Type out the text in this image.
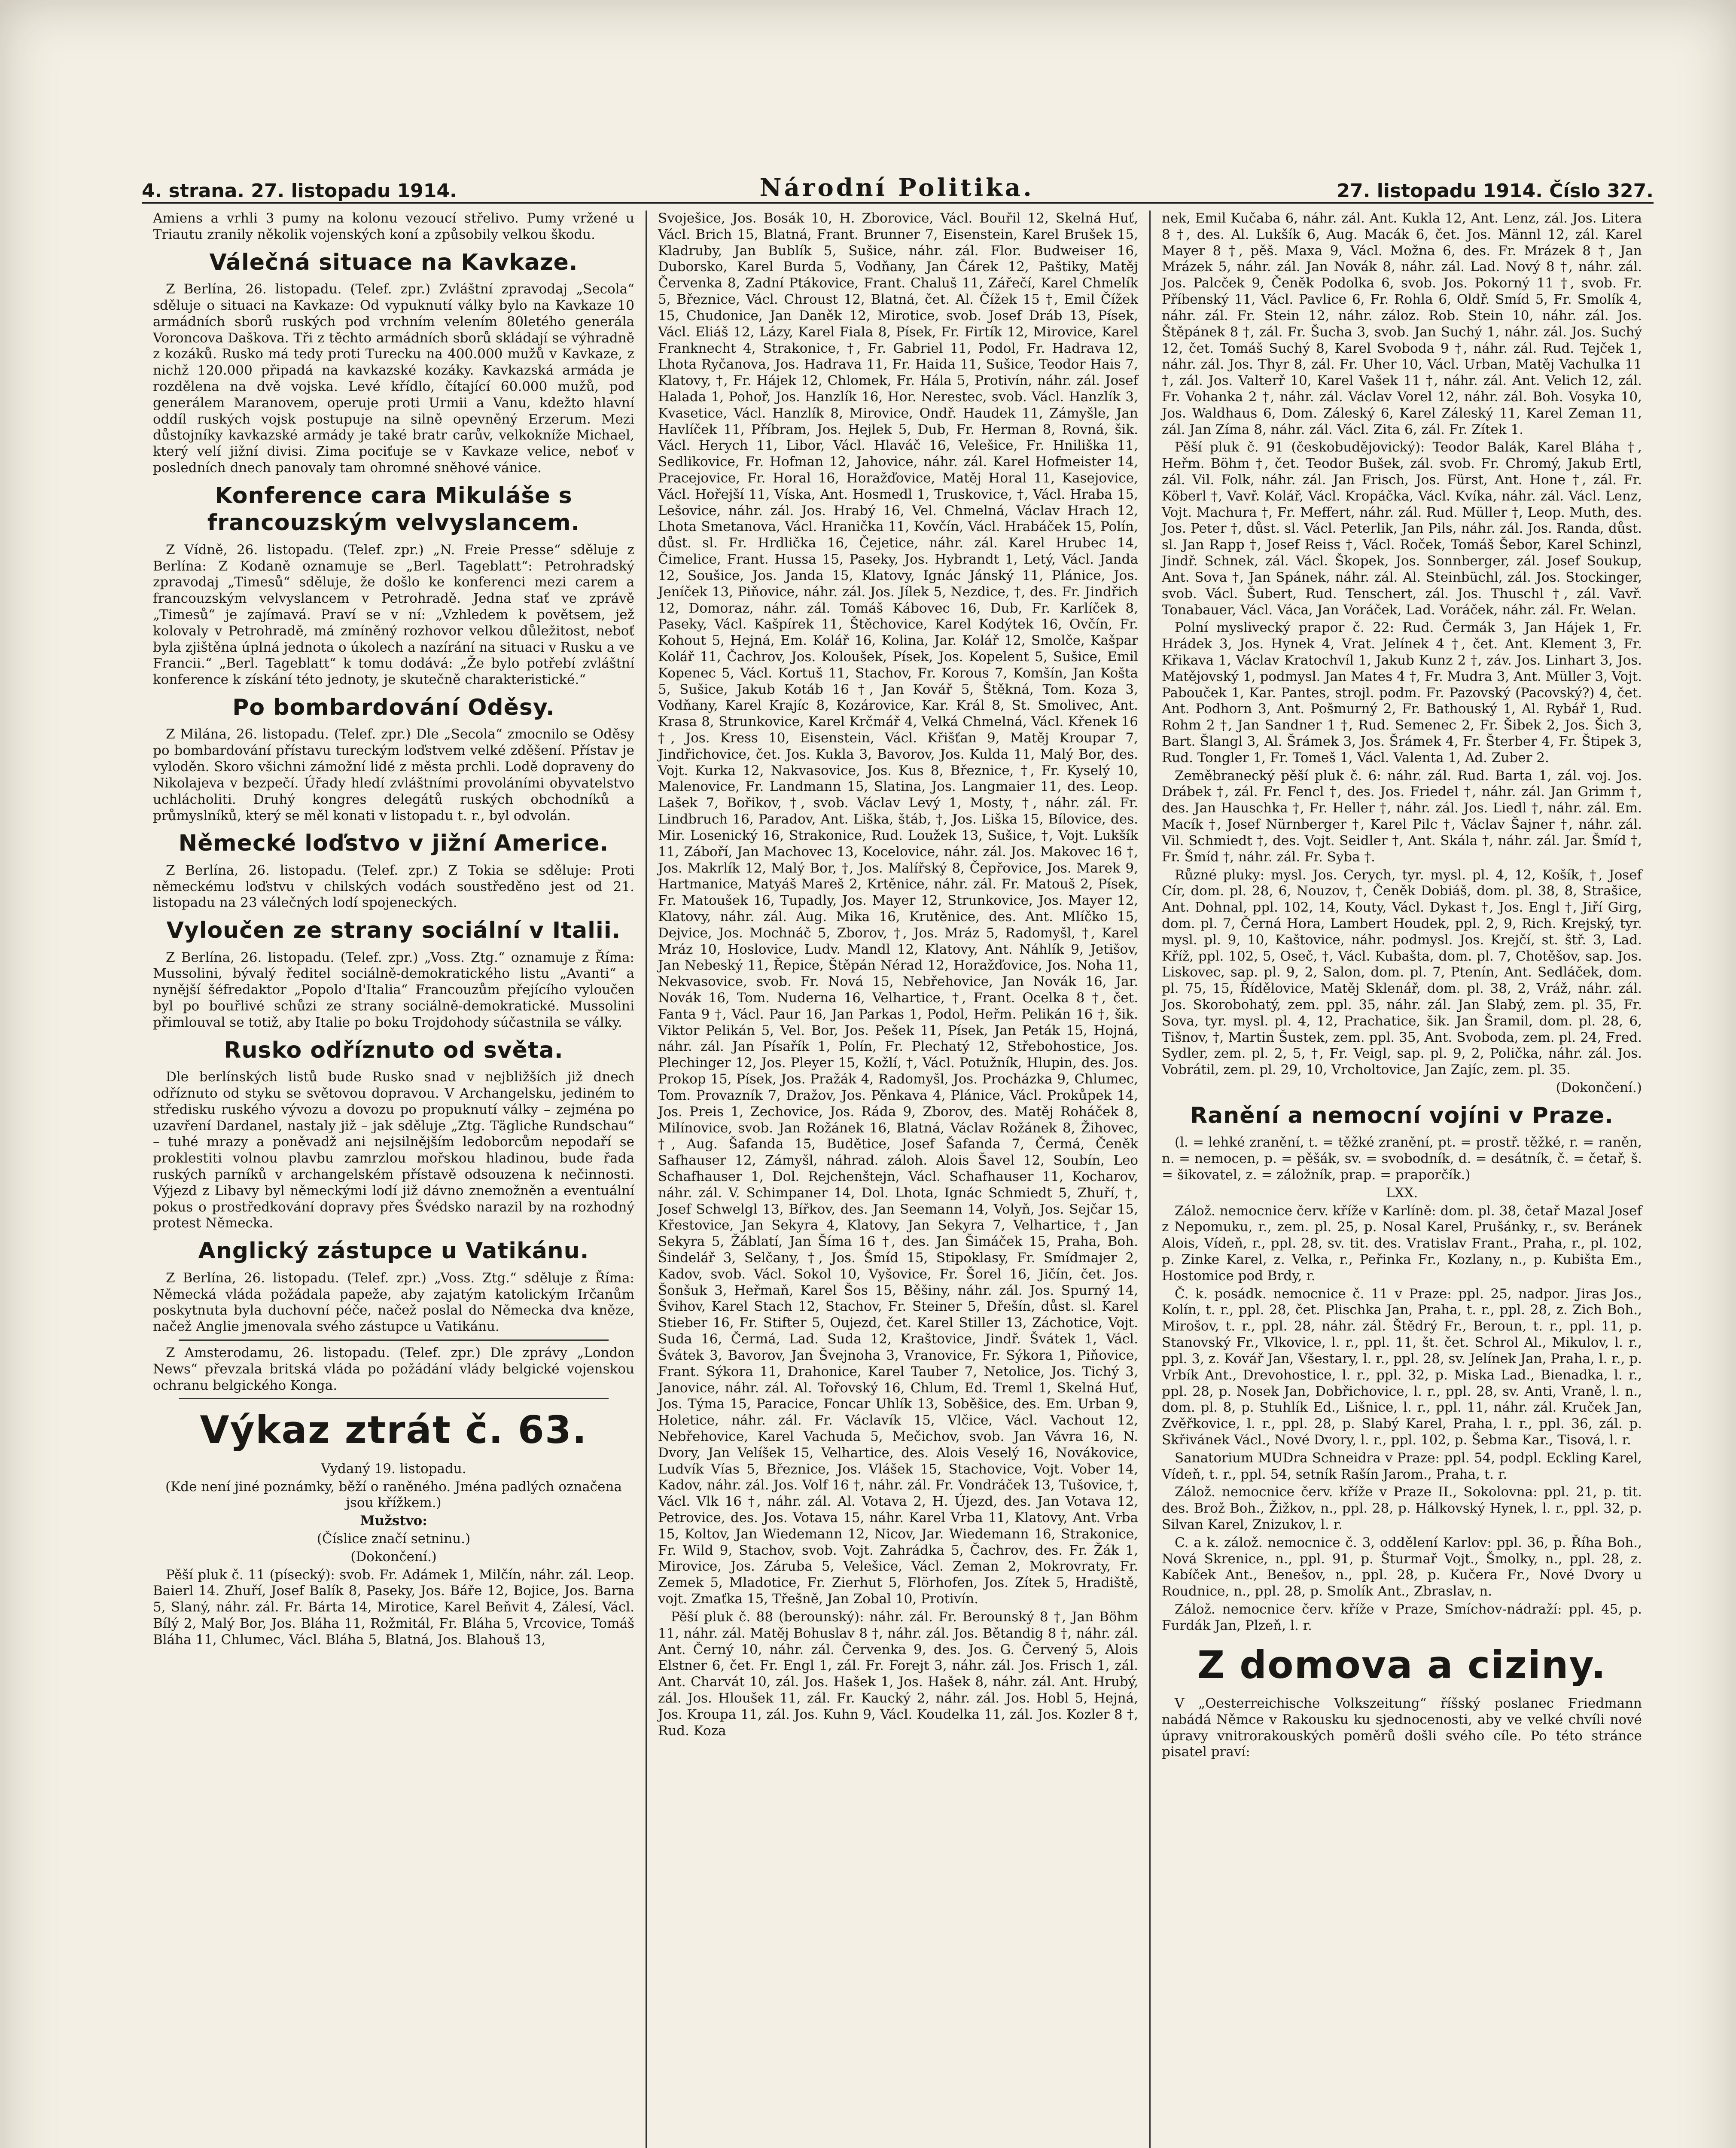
4. strana. 27. listopadu 1914.	Národní Politika.	27. listopadu 1914. Číslo 327.

Amiens a vrhli 3 pumy na kolonu vezoucí střelivo. Pumy vržené u Triautu zranily několik vojenských koní a způsobily velkou škodu.

Válečná situace na Kavkaze.

Z Berlína, 26. listopadu. (Telef. zpr.) Zvláštní zpravodaj „Secola“ sděluje o situaci na Kavkaze: Od vypuknutí války bylo na Kavkaze 10 armádních sborů ruských pod vrchním velením 80letého generála Voroncova Daškova. Tři z těchto armádních sborů skládají se výhradně z kozáků. Rusko má tedy proti Turecku na 400.000 mužů v Kavkaze, z nichž 120.000 připadá na kavkazské kozáky. Kavkazská armáda je rozdělena na dvě vojska. Levé křídlo, čítající 60.000 mužů, pod generálem Maranovem, operuje proti Urmii a Vanu, kdežto hlavní oddíl ruských vojsk postupuje na silně opevněný Erzerum. Mezi důstojníky kavkazské armády je také bratr carův, velkokníže Michael, který velí jižní divisi. Zima pociťuje se v Kavkaze velice, neboť v posledních dnech panovaly tam ohromné sněhové vánice.

Konference cara Mikuláše s francouzským velvyslancem.

Z Vídně, 26. listopadu. (Telef. zpr.) „N. Freie Presse“ sděluje z Berlína: Z Kodaně oznamuje se „Berl. Tageblatt“: Petrohradský zpravodaj „Timesů“ sděluje, že došlo ke konferenci mezi carem a francouzským velvyslancem v Petrohradě. Jedna stať ve zprávě „Timesů“ je zajímavá. Praví se v ní: „Vzhledem k povětsem, jež kolovaly v Petrohradě, má zmíněný rozhovor velkou důležitost, neboť byla zjištěna úplná jednota o úkolech a nazírání na situaci v Rusku a ve Francii.“ „Berl. Tageblatt“ k tomu dodává: „Že bylo potřebí zvláštní konference k získání této jednoty, je skutečně charakteristické.“

Po bombardování Oděsy.

Z Milána, 26. listopadu. (Telef. zpr.) Dle „Secola“ zmocnilo se Oděsy po bombardování přístavu tureckým loďstvem velké zděšení. Přístav je vyloděn. Skoro všichni zámožní lidé z města prchli. Lodě dopraveny do Nikolajeva v bezpečí. Úřady hledí zvláštními provoláními obyvatelstvo uchlácholiti. Druhý kongres delegátů ruských obchodníků a průmyslníků, který se měl konati v listopadu t. r., byl odvolán.

Německé loďstvo v jižní Americe.

Z Berlína, 26. listopadu. (Telef. zpr.) Z Tokia se sděluje: Proti německému loďstvu v chilských vodách soustředěno jest od 21. listopadu na 23 válečných lodí spojeneckých.

Vyloučen ze strany sociální v Italii.

Z Berlína, 26. listopadu. (Telef. zpr.) „Voss. Ztg.“ oznamuje z Říma: Mussolini, bývalý ředitel sociálně-demokratického listu „Avanti“ a nynější šéfredaktor „Popolo d'Italia“ Francouzům přejícího vyloučen byl po bouřlivé schůzi ze strany sociálně-demokratické. Mussolini přimlouval se totiž, aby Italie po boku Trojdohody súčastnila se války.

Rusko odříznuto od světa.

Dle berlínských listů bude Rusko snad v nejbližších již dnech odříznuto od styku se světovou dopravou. V Archangelsku, jediném to středisku ruského vývozu a dovozu po propuknutí války – zejména po uzavření Dardanel, nastaly již – jak sděluje „Ztg. Tägliche Rundschau“ – tuhé mrazy a poněvadž ani nejsilnějším ledoborcům nepodaří se proklestiti volnou plavbu zamrzlou mořskou hladinou, bude řada ruských parníků v archangelském přístavě odsouzena k nečinnosti. Výjezd z Libavy byl německými lodí již dávno znemožněn a eventuální pokus o prostředkování dopravy přes Švédsko narazil by na rozhodný protest Německa.

Anglický zástupce u Vatikánu.

Z Berlína, 26. listopadu. (Telef. zpr.) „Voss. Ztg.“ sděluje z Říma: Německá vláda požádala papeže, aby zajatým katolickým Irčanům poskytnuta byla duchovní péče, načež poslal do Německa dva kněze, načež Anglie jmenovala svého zástupce u Vatikánu.

Z Amsterodamu, 26. listopadu. (Telef. zpr.) Dle zprávy „London News“ převzala britská vláda po požádání vlády belgické vojenskou ochranu belgického Konga.

Výkaz ztrát č. 63.

Vydaný 19. listopadu.

(Kde není jiné poznámky, běží o raněného. Jména padlých označena jsou křížkem.)

Mužstvo:

(Číslice značí setninu.)

(Dokončení.)

Pěší pluk č. 11 (písecký): svob. Fr. Adámek 1, Milčín, náhr. zál. Leop. Baierl 14. Zhuří, Josef Balík 8, Paseky, Jos. Báře 12, Bojice, Jos. Barna 5, Slaný, náhr. zál. Fr. Bárta 14, Mirotice, Karel Beňvit 4, Zálesí, Václ. Bílý 2, Malý Bor, Jos. Bláha 11, Rožmitál, Fr. Bláha 5, Vrcovice, Tomáš Bláha 11, Chlumec, Václ. Bláha 5, Blatná, Jos. Blahouš 13,

Svoješice, Jos. Bosák 10, H. Zborovice, Václ. Bouřil 12, Skelná Huť, Václ. Brich 15, Blatná, Frant. Brunner 7, Eisenstein, Karel Brušek 15, Kladruby, Jan Bublík 5, Sušice, náhr. zál. Flor. Budweiser 16, Duborsko, Karel Burda 5, Vodňany, Jan Čárek 12, Paštiky, Matěj Červenka 8, Zadní Ptákovice, Frant. Chaluš 11, Zářečí, Karel Chmelík 5, Březnice, Václ. Chroust 12, Blatná, čet. Al. Čížek 15 †, Emil Čížek 15, Chudonice, Jan Daněk 12, Mirotice, svob. Josef Dráb 13, Písek, Václ. Eliáš 12, Lázy, Karel Fiala 8, Písek, Fr. Firtík 12, Mirovice, Karel Franknecht 4, Strakonice, †, Fr. Gabriel 11, Podol, Fr. Hadrava 12, Lhota Ryčanova, Jos. Hadrava 11, Fr. Haida 11, Sušice, Teodor Hais 7, Klatovy, †, Fr. Hájek 12, Chlomek, Fr. Hála 5, Protivín, náhr. zál. Josef Halada 1, Pohoř, Jos. Hanzlík 16, Hor. Nerestec, svob. Václ. Hanzlík 3, Kvasetice, Václ. Hanzlík 8, Mirovice, Ondř. Haudek 11, Zámyšle, Jan Havlíček 11, Příbram, Jos. Hejlek 5, Dub, Fr. Herman 8, Rovná, šik. Václ. Herych 11, Libor, Václ. Hlaváč 16, Velešice, Fr. Hniliška 11, Sedlikovice, Fr. Hofman 12, Jahovice, náhr. zál. Karel Hofmeister 14, Pracejovice, Fr. Horal 16, Horažďovice, Matěj Horal 11, Kasejovice, Václ. Hořejší 11, Víska, Ant. Hosmedl 1, Truskovice, †, Václ. Hraba 15, Lešovice, náhr. zál. Jos. Hrabý 16, Vel. Chmelná, Václav Hrach 12, Lhota Smetanova, Václ. Hranička 11, Kovčín, Václ. Hrabáček 15, Polín, důst. sl. Fr. Hrdlička 16, Čejetice, náhr. zál. Karel Hrubec 14, Čimelice, Frant. Hussa 15, Paseky, Jos. Hybrandt 1, Letý, Václ. Janda 12, Soušice, Jos. Janda 15, Klatovy, Ignác Jánský 11, Plánice, Jos. Jeníček 13, Piňovice, náhr. zál. Jos. Jílek 5, Nezdice, †, des. Fr. Jindřich 12, Domoraz, náhr. zál. Tomáš Kábovec 16, Dub, Fr. Karlíček 8, Paseky, Václ. Kašpírek 11, Štěchovice, Karel Kodýtek 16, Ovčín, Fr. Kohout 5, Hejná, Em. Kolář 16, Kolina, Jar. Kolář 12, Smolče, Kašpar Kolář 11, Čachrov, Jos. Koloušek, Písek, Jos. Kopelent 5, Sušice, Emil Kopenec 5, Václ. Kortuš 11, Stachov, Fr. Korous 7, Komšín, Jan Košta 5, Sušice, Jakub Kotáb 16 †, Jan Kovář 5, Štěkná, Tom. Koza 3, Vodňany, Karel Krajíc 8, Kozárovice, Kar. Král 8, St. Smolivec, Ant. Krasa 8, Strunkovice, Karel Krčmář 4, Velká Chmelná, Václ. Křenek 16 †, Jos. Kress 10, Eisenstein, Václ. Křišťan 9, Matěj Kroupar 7, Jindřichovice, čet. Jos. Kukla 3, Bavorov, Jos. Kulda 11, Malý Bor, des. Vojt. Kurka 12, Nakvasovice, Jos. Kus 8, Březnice, †, Fr. Kyselý 10, Malenovice, Fr. Landmann 15, Slatina, Jos. Langmaier 11, des. Leop. Lašek 7, Bořikov, †, svob. Václav Levý 1, Mosty, †, náhr. zál. Fr. Lindbruch 16, Paradov, Ant. Liška, štáb, †, Jos. Liška 15, Bílovice, des. Mir. Losenický 16, Strakonice, Rud. Loužek 13, Sušice, †, Vojt. Lukšík 11, Záboří, Jan Machovec 13, Kocelovice, náhr. zál. Jos. Makovec 16 †, Jos. Makrlík 12, Malý Bor, †, Jos. Malířský 8, Čepřovice, Jos. Marek 9, Hartmanice, Matyáš Mareš 2, Krtěnice, náhr. zál. Fr. Matouš 2, Písek, Fr. Matoušek 16, Tupadly, Jos. Mayer 12, Strunkovice, Jos. Mayer 12, Klatovy, náhr. zál. Aug. Mika 16, Krutěnice, des. Ant. Mlíčko 15, Dejvice, Jos. Mochnáč 5, Zborov, †, Jos. Mráz 5, Radomyšl, †, Karel Mráz 10, Hoslovice, Ludv. Mandl 12, Klatovy, Ant. Náhlík 9, Jetišov, Jan Nebeský 11, Řepice, Štěpán Nérad 12, Horažďovice, Jos. Noha 11, Nekvasovice, svob. Fr. Nová 15, Nebřehovice, Jan Novák 16, Jar. Novák 16, Tom. Nuderna 16, Velhartice, †, Frant. Ocelka 8 †, čet. Fanta 9 †, Václ. Paur 16, Jan Parkas 1, Podol, Heřm. Pelikán 16 †, šik. Viktor Pelikán 5, Vel. Bor, Jos. Pešek 11, Písek, Jan Peták 15, Hojná, náhr. zál. Jan Písařík 1, Polín, Fr. Plechatý 12, Střebohostice, Jos. Plechinger 12, Jos. Pleyer 15, Kožlí, †, Václ. Potužník, Hlupin, des. Jos. Prokop 15, Písek, Jos. Pražák 4, Radomyšl, Jos. Procházka 9, Chlumec, Tom. Provazník 7, Dražov, Jos. Pěnkava 4, Plánice, Václ. Prokůpek 14, Jos. Preis 1, Zechovice, Jos. Ráda 9, Zborov, des. Matěj Roháček 8, Milínovice, svob. Jan Rožánek 16, Blatná, Václav Rožánek 8, Žihovec, †, Aug. Šafanda 15, Budětice, Josef Šafanda 7, Čermá, Čeněk Safhauser 12, Zámyšl, náhrad. záloh. Alois Šavel 12, Soubín, Leo Schafhauser 1, Dol. Rejchenštejn, Václ. Schafhauser 11, Kocharov, náhr. zál. V. Schimpaner 14, Dol. Lhota, Ignác Schmiedt 5, Zhuří, †, Josef Schwelgl 13, Bířkov, des. Jan Seemann 14, Volyň, Jos. Sejčar 15, Křestovice, Jan Sekyra 4, Klatovy, Jan Sekyra 7, Velhartice, †, Jan Sekyra 5, Žáblatí, Jan Šíma 16 †, des. Jan Šimáček 15, Praha, Boh. Šindelář 3, Selčany, †, Jos. Šmíd 15, Stipoklasy, Fr. Smídmajer 2, Kadov, svob. Václ. Sokol 10, Vyšovice, Fr. Šorel 16, Jičín, čet. Jos. Šonšuk 3, Heřmaň, Karel Šos 15, Běšiny, náhr. zál. Jos. Spurný 14, Švihov, Karel Stach 12, Stachov, Fr. Steiner 5, Dřešín, důst. sl. Karel Stieber 16, Fr. Stifter 5, Oujezd, čet. Karel Stiller 13, Záchotice, Vojt. Suda 16, Čermá, Lad. Suda 12, Kraštovice, Jindř. Švátek 1, Václ. Švátek 3, Bavorov, Jan Švejnoha 3, Vranovice, Fr. Sýkora 1, Piňovice, Frant. Sýkora 11, Drahonice, Karel Tauber 7, Netolice, Jos. Tichý 3, Janovice, náhr. zál. Al. Tořovský 16, Chlum, Ed. Treml 1, Skelná Huť, Jos. Týma 15, Paracice, Foncar Uhlík 13, Soběšice, des. Em. Urban 9, Holetice, náhr. zál. Fr. Václavík 15, Vlčice, Václ. Vachout 12, Nebřehovice, Karel Vachuda 5, Mečichov, svob. Jan Vávra 16, N. Dvory, Jan Velíšek 15, Velhartice, des. Alois Veselý 16, Novákovice, Ludvík Vías 5, Březnice, Jos. Vlášek 15, Stachovice, Vojt. Vober 14, Kadov, náhr. zál. Jos. Volf 16 †, náhr. zál. Fr. Vondráček 13, Tušovice, †, Václ. Vlk 16 †, náhr. zál. Al. Votava 2, H. Újezd, des. Jan Votava 12, Petrovice, des. Jos. Votava 15, náhr. Karel Vrba 11, Klatovy, Ant. Vrba 15, Koltov, Jan Wiedemann 12, Nicov, Jar. Wiedemann 16, Strakonice, Fr. Wild 9, Stachov, svob. Vojt. Zahrádka 5, Čachrov, des. Fr. Žák 1, Mirovice, Jos. Záruba 5, Velešice, Václ. Zeman 2, Mokrovraty, Fr. Zemek 5, Mladotice, Fr. Zierhut 5, Flörhofen, Jos. Zítek 5, Hradiště, vojt. Zmaťka 15, Třešně, Jan Zobal 10, Protivín.

Pěší pluk č. 88 (berounský): náhr. zál. Fr. Berounský 8 †, Jan Böhm 11, náhr. zál. Matěj Bohuslav 8 †, náhr. zál. Jos. Bětandig 8 †, náhr. zál. Ant. Černý 10, náhr. zál. Červenka 9, des. Jos. G. Červený 5, Alois Elstner 6, čet. Fr. Engl 1, zál. Fr. Forejt 3, náhr. zál. Jos. Frisch 1, zál. Ant. Charvát 10, zál. Jos. Hašek 1, Jos. Hašek 8, náhr. zál. Ant. Hrubý, zál. Jos. Hloušek 11, zál. Fr. Kaucký 2, náhr. zál. Jos. Hobl 5, Hejná, Jos. Kroupa 11, zál. Jos. Kuhn 9, Václ. Koudelka 11, zál. Jos. Kozler 8 †, Rud. Koza

nek, Emil Kučaba 6, náhr. zál. Ant. Kukla 12, Ant. Lenz, zál. Jos. Litera 8 †, des. Al. Lukšík 6, Aug. Macák 6, čet. Jos. Männl 12, zál. Karel Mayer 8 †, pěš. Maxa 9, Václ. Možna 6, des. Fr. Mrázek 8 †, Jan Mrázek 5, náhr. zál. Jan Novák 8, náhr. zál. Lad. Nový 8 †, náhr. zál. Jos. Palcček 9, Čeněk Podolka 6, svob. Jos. Pokorný 11 †, svob. Fr. Příbenský 11, Václ. Pavlice 6, Fr. Rohla 6, Oldř. Smíd 5, Fr. Smolík 4, náhr. zál. Fr. Stein 12, náhr. záloz. Rob. Stein 10, náhr. zál. Jos. Štěpánek 8 †, zál. Fr. Šucha 3, svob. Jan Suchý 1, náhr. zál. Jos. Suchý 12, čet. Tomáš Suchý 8, Karel Svoboda 9 †, náhr. zál. Rud. Tejček 1, náhr. zál. Jos. Thyr 8, zál. Fr. Uher 10, Václ. Urban, Matěj Vachulka 11 †, zál. Jos. Valterř 10, Karel Vašek 11 †, náhr. zál. Ant. Velich 12, zál. Fr. Vohanka 2 †, náhr. zál. Václav Vorel 12, náhr. zál. Boh. Vosyka 10, Jos. Waldhaus 6, Dom. Záleský 6, Karel Záleský 11, Karel Zeman 11, zál. Jan Zíma 8, náhr. zál. Václ. Zita 6, zál. Fr. Zítek 1.

Pěší pluk č. 91 (českobudějovický): Teodor Balák, Karel Bláha †, Heřm. Böhm †, čet. Teodor Bušek, zál. svob. Fr. Chromý, Jakub Ertl, zál. Vil. Folk, náhr. zál. Jan Frisch, Jos. Fürst, Ant. Hone †, zál. Fr. Köberl †, Vavř. Kolář, Václ. Kropáčka, Václ. Kvíka, náhr. zál. Václ. Lenz, Vojt. Machura †, Fr. Meffert, náhr. zál. Rud. Müller †, Leop. Muth, des. Jos. Peter †, důst. sl. Václ. Peterlik, Jan Pils, náhr. zál. Jos. Randa, důst. sl. Jan Rapp †, Josef Reiss †, Václ. Roček, Tomáš Šebor, Karel Schinzl, Jindř. Schnek, zál. Václ. Škopek, Jos. Sonnberger, zál. Josef Soukup, Ant. Sova †, Jan Spánek, náhr. zál. Al. Steinbüchl, zál. Jos. Stockinger, svob. Václ. Šubert, Rud. Tenschert, zál. Jos. Thuschl †, zál. Vavř. Tonabauer, Václ. Váca, Jan Voráček, Lad. Voráček, náhr. zál. Fr. Welan.

Polní myslivecký prapor č. 22: Rud. Čermák 3, Jan Hájek 1, Fr. Hrádek 3, Jos. Hynek 4, Vrat. Jelínek 4 †, čet. Ant. Klement 3, Fr. Křikava 1, Václav Kratochvíl 1, Jakub Kunz 2 †, záv. Jos. Linhart 3, Jos. Matějovský 1, podmysl. Jan Mates 4 †, Fr. Mudra 3, Ant. Müller 3, Vojt. Pabouček 1, Kar. Pantes, strojl. podm. Fr. Pazovský (Pacovský?) 4, čet. Ant. Podhorn 3, Ant. Pošmurný 2, Fr. Bathouský 1, Al. Rybář 1, Rud. Rohm 2 †, Jan Sandner 1 †, Rud. Semenec 2, Fr. Šibek 2, Jos. Šich 3, Bart. Šlangl 3, Al. Šrámek 3, Jos. Šrámek 4, Fr. Šterber 4, Fr. Štipek 3, Rud. Tongler 1, Fr. Tomeš 1, Václ. Valenta 1, Ad. Zuber 2.

Zeměbranecký pěší pluk č. 6: náhr. zál. Rud. Barta 1, zál. voj. Jos. Drábek †, zál. Fr. Fencl †, des. Jos. Friedel †, náhr. zál. Jan Grimm †, des. Jan Hauschka †, Fr. Heller †, náhr. zál. Jos. Liedl †, náhr. zál. Em. Macík †, Josef Nürnberger †, Karel Pilc †, Václav Šajner †, náhr. zál. Vil. Schmiedt †, des. Vojt. Seidler †, Ant. Skála †, náhr. zál. Jar. Šmíd †, Fr. Šmíd †, náhr. zál. Fr. Syba †.

Různé pluky: mysl. Jos. Cerych, tyr. mysl. pl. 4, 12, Košík, †, Josef Cír, dom. pl. 28, 6, Nouzov, †, Čeněk Dobiáš, dom. pl. 38, 8, Strašice, Ant. Dohnal, ppl. 102, 14, Kouty, Václ. Dykast †, Jos. Engl †, Jiří Girg, dom. pl. 7, Černá Hora, Lambert Houdek, ppl. 2, 9, Rich. Krejský, tyr. mysl. pl. 9, 10, Kaštovice, náhr. podmysl. Jos. Krejčí, st. štř. 3, Lad. Kříž, ppl. 102, 5, Oseč, †, Václ. Kubašta, dom. pl. 7, Chotěšov, sap. Jos. Liskovec, sap. pl. 9, 2, Salon, dom. pl. 7, Ptenín, Ant. Sedláček, dom. pl. 75, 15, Řídělovice, Matěj Sklenář, dom. pl. 38, 2, Vráž, náhr. zál. Jos. Skorobohatý, zem. ppl. 35, náhr. zál. Jan Slabý, zem. pl. 35, Fr. Sova, tyr. mysl. pl. 4, 12, Prachatice, šik. Jan Šramil, dom. pl. 28, 6, Tišnov, †, Martin Šustek, zem. ppl. 35, Ant. Svoboda, zem. pl. 24, Fred. Sydler, zem. pl. 2, 5, †, Fr. Veigl, sap. pl. 9, 2, Polička, náhr. zál. Jos. Vobrátil, zem. pl. 29, 10, Vrcholtovice, Jan Zajíc, zem. pl. 35.

(Dokončení.)

Ranění a nemocní vojíni v Praze.

(l. = lehké zranění, t. = těžké zranění, pt. = prostř. těžké, r. = raněn, n. = nemocen, p. = pěšák, sv. = svobodník, d. = desátník, č. = četař, š. = šikovatel, z. = záložník, prap. = praporčík.)

LXX.

Zálož. nemocnice červ. kříže v Karlíně: dom. pl. 38, četař Mazal Josef z Nepomuku, r., zem. pl. 25, p. Nosal Karel, Prušánky, r., sv. Beránek Alois, Vídeň, r., ppl. 28, sv. tit. des. Vratislav Frant., Praha, r., pl. 102, p. Zinke Karel, z. Velka, r., Peřinka Fr., Kozlany, n., p. Kubišta Em., Hostomice pod Brdy, r.

Č. k. posádk. nemocnice č. 11 v Praze: ppl. 25, nadpor. Jiras Jos., Kolín, t. r., ppl. 28, čet. Plischka Jan, Praha, t. r., ppl. 28, z. Zich Boh., Mirošov, t. r., ppl. 28, náhr. zál. Štědrý Fr., Beroun, t. r., ppl. 11, p. Stanovský Fr., Vlkovice, l. r., ppl. 11, št. čet. Schrol Al., Mikulov, l. r., ppl. 3, z. Kovář Jan, Všestary, l. r., ppl. 28, sv. Jelínek Jan, Praha, l. r., p. Vrbík Ant., Drevohostice, l. r., ppl. 32, p. Miska Lad., Bienadka, l. r., ppl. 28, p. Nosek Jan, Dobřichovice, l. r., ppl. 28, sv. Anti, Vraně, l. n., dom. pl. 8, p. Stuhlík Ed., Lišnice, l. r., ppl. 11, náhr. zál. Kruček Jan, Zvěřkovice, l. r., ppl. 28, p. Slabý Karel, Praha, l. r., ppl. 36, zál. p. Skřivánek Václ., Nové Dvory, l. r., ppl. 102, p. Šebma Kar., Tisová, l. r.

Sanatorium MUDra Schneidra v Praze: ppl. 54, podpl. Eckling Karel, Vídeň, t. r., ppl. 54, setník Rašín Jarom., Praha, t. r.

Zálož. nemocnice červ. kříže v Praze II., Sokolovna: ppl. 21, p. tit. des. Brož Boh., Žižkov, n., ppl. 28, p. Hálkovský Hynek, l. r., ppl. 32, p. Silvan Karel, Znizukov, l. r.

C. a k. zálož. nemocnice č. 3, oddělení Karlov: ppl. 36, p. Říha Boh., Nová Skrenice, n., ppl. 91, p. Šturmař Vojt., Šmolky, n., ppl. 28, z. Kabíček Ant., Benešov, n., ppl. 28, p. Kučera Fr., Nové Dvory u Roudnice, n., ppl. 28, p. Smolík Ant., Zbraslav, n.

Zálož. nemocnice červ. kříže v Praze, Smíchov-nádraží: ppl. 45, p. Furdák Jan, Plzeň, l. r.

Z domova a ciziny.

V „Oesterreichische Volkszeitung“ říšský poslanec Friedmann nabádá Němce v Rakousku ku sjednocenosti, aby ve velké chvíli nové úpravy vnitrorakouských poměrů došli svého cíle. Po této stránce pisatel praví:
